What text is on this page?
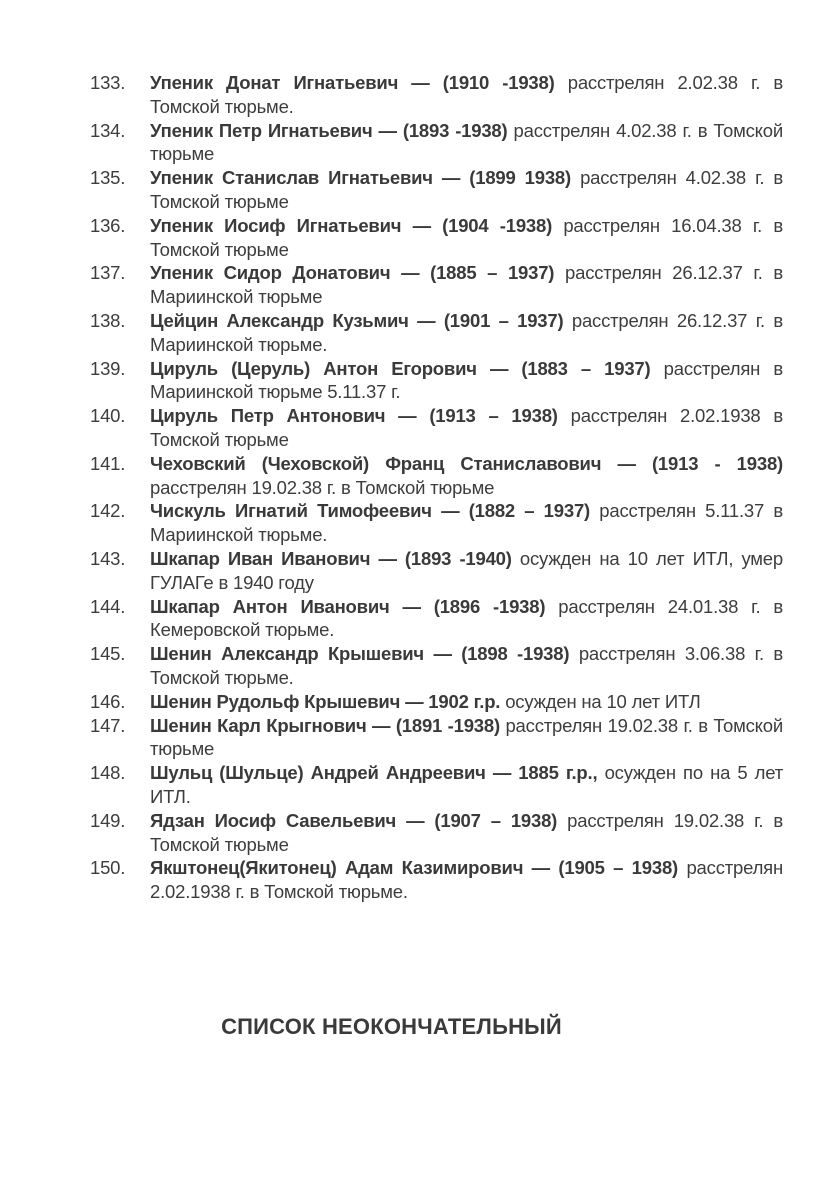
133.	Упеник Донат Игнатьевич — (1910 -1938) расстрелян 2.02.38 г. в Томской тюрьме.
134.	Упеник Петр Игнатьевич — (1893 -1938) расстрелян 4.02.38 г. в Томской тюрьме
135.	Упеник Станислав Игнатьевич — (1899 1938) расстрелян 4.02.38 г. в Томской тюрьме
136.	Упеник Иосиф Игнатьевич — (1904 -1938) расстрелян 16.04.38 г. в Томской тюрьме
137.	Упеник Сидор Донатович — (1885 – 1937) расстрелян 26.12.37 г. в Мариинской тюрьме
138.	Цейцин Александр Кузьмич — (1901 – 1937) расстрелян 26.12.37 г. в Мариинской тюрьме.
139.	Цируль (Церуль) Антон Егорович — (1883 – 1937) расстрелян в Мариинской тюрьме 5.11.37 г.
140.	Цируль Петр Антонович — (1913 – 1938) расстрелян 2.02.1938 в Томской тюрьме
141.	Чеховский (Чеховской) Франц Станиславович — (1913 - 1938) расстрелян 19.02.38 г. в Томской тюрьме
142.	Чискуль Игнатий Тимофеевич — (1882 – 1937) расстрелян 5.11.37 в Мариинской тюрьме.
143.	Шкапар Иван Иванович — (1893 -1940) осужден на 10 лет ИТЛ, умер ГУЛАГе в 1940 году
144.	Шкапар Антон Иванович — (1896 -1938) расстрелян 24.01.38 г. в Кемеровской тюрьме.
145.	Шенин Александр Крышевич — (1898 -1938) расстрелян 3.06.38 г. в Томской тюрьме.
146.	Шенин Рудольф Крышевич — 1902 г.р. осужден на 10 лет ИТЛ
147.	Шенин Карл Крыгнович — (1891 -1938) расстрелян 19.02.38 г. в Томской тюрьме
148.	Шульц (Шульце) Андрей Андреевич — 1885 г.р., осужден по на 5 лет ИТЛ.
149.	Ядзан Иосиф Савельевич — (1907 – 1938) расстрелян 19.02.38 г. в Томской тюрьме
150.	Якштонец(Якитонец) Адам Казимирович — (1905 – 1938) расстрелян 2.02.1938 г. в Томской тюрьме.
СПИСОК НЕОКОНЧАТЕЛЬНЫЙ
